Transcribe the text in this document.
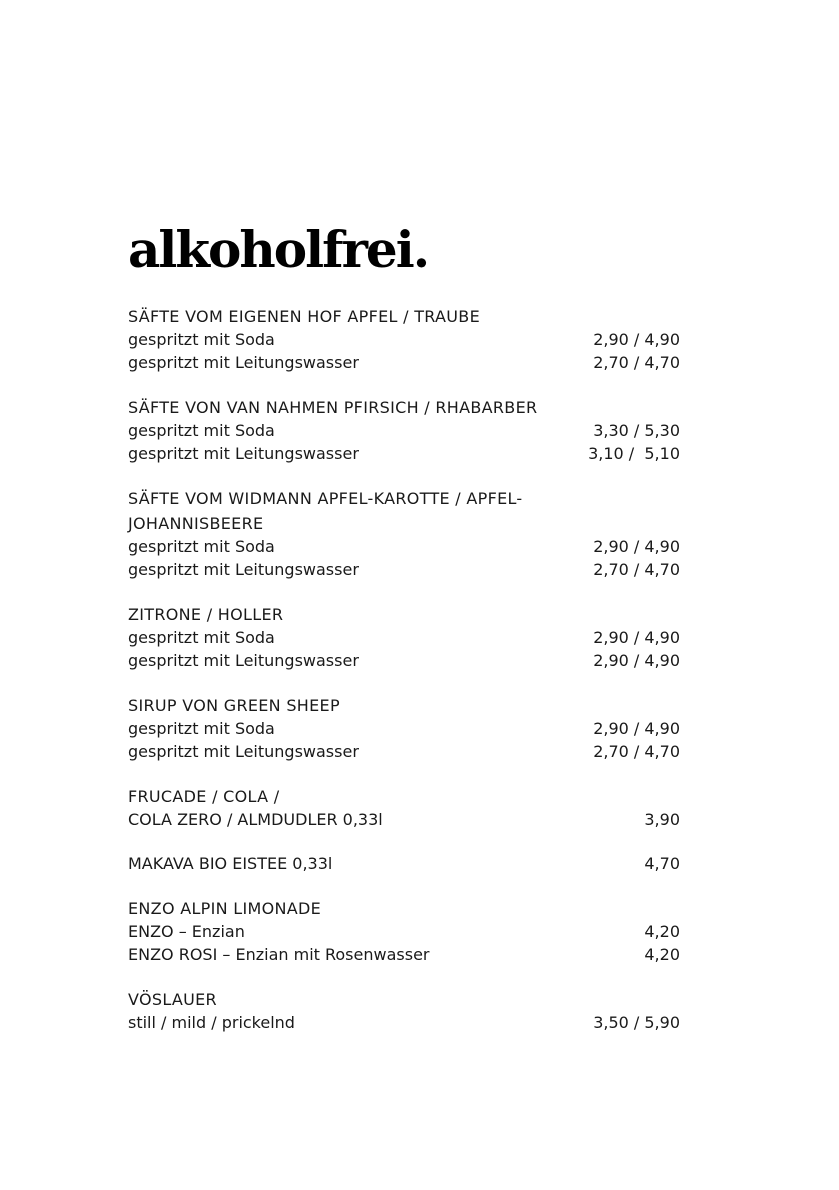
alkoholfrei.
SÄFTE VOM EIGENEN HOF APFEL / TRAUBE
gespritzt mit Soda	2,90 / 4,90
gespritzt mit Leitungswasser	2,70 / 4,70
SÄFTE VON VAN NAHMEN PFIRSICH / RHABARBER
gespritzt mit Soda	3,30 / 5,30
gespritzt mit Leitungswasser	3,10 /  5,10
SÄFTE VOM WIDMANN APFEL-KAROTTE / APFEL-
JOHANNISBEERE
gespritzt mit Soda	2,90 / 4,90
gespritzt mit Leitungswasser	2,70 / 4,70
ZITRONE / HOLLER
gespritzt mit Soda	2,90 / 4,90
gespritzt mit Leitungswasser	2,90 / 4,90
SIRUP VON GREEN SHEEP
gespritzt mit Soda	2,90 / 4,90
gespritzt mit Leitungswasser	2,70 / 4,70
FRUCADE / COLA /
COLA ZERO / ALMDUDLER 0,33l	3,90
MAKAVA BIO EISTEE 0,33l	4,70
ENZO ALPIN LIMONADE
ENZO – Enzian	4,20
ENZO ROSI – Enzian mit Rosenwasser	4,20
VÖSLAUER
still / mild / prickelnd	3,50 / 5,90
